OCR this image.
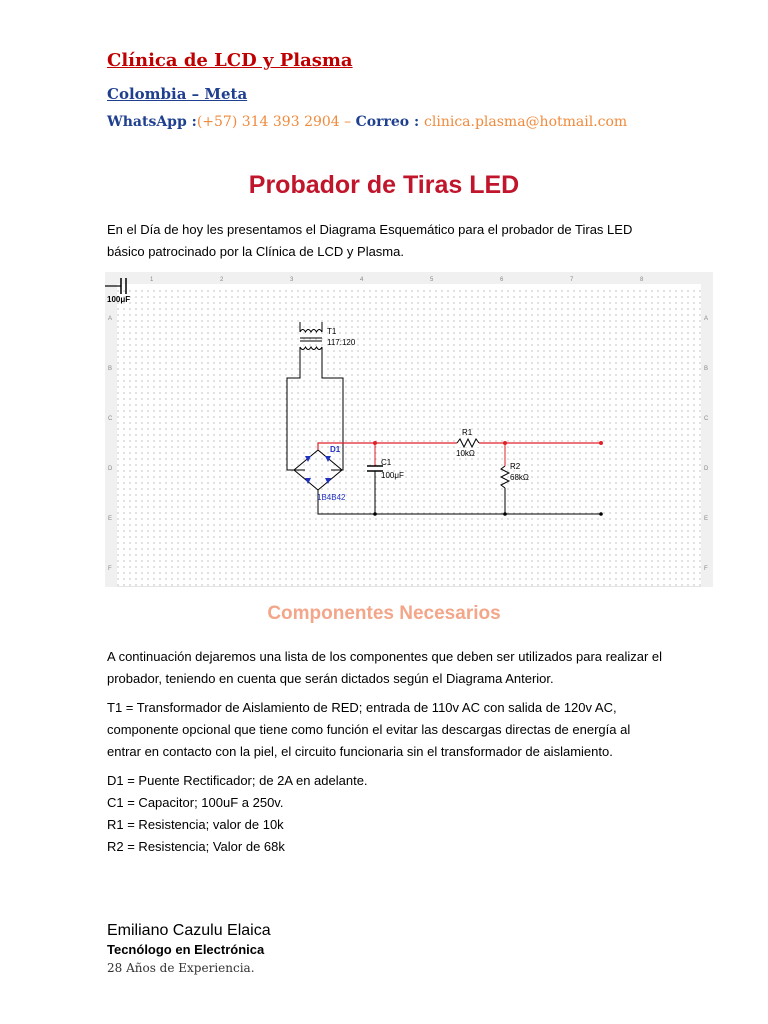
Clínica de LCD y Plasma
Colombia – Meta
WhatsApp :(+57) 314 393 2904 – Correo : clinica.plasma@hotmail.com
Probador de Tiras LED
En el Día de hoy les presentamos el Diagrama Esquemático para el probador de Tiras LED básico patrocinado por la Clínica de LCD y Plasma.
1	2	3	4	5	6	7	8
A	A
B	B
C	C
D	D
E	E
F	F
100μF
T1
117:120
D1
1B4B42
C1
100μF
R1
10kΩ
R2
68kΩ
Componentes Necesarios
A continuación dejaremos una lista de los componentes que deben ser utilizados para realizar el probador, teniendo en cuenta que serán dictados según el Diagrama Anterior.
T1 = Transformador de Aislamiento de RED; entrada de 110v AC con salida de 120v AC, componente opcional que tiene como función el evitar las descargas directas de energía al entrar en contacto con la piel, el circuito funcionaria sin el transformador de aislamiento.
D1 = Puente Rectificador; de 2A en adelante.
C1 = Capacitor; 100uF a 250v.
R1 = Resistencia; valor de 10k
R2 = Resistencia; Valor de 68k
Emiliano Cazulu Elaica
Tecnólogo en Electrónica
28 Años de Experiencia.
